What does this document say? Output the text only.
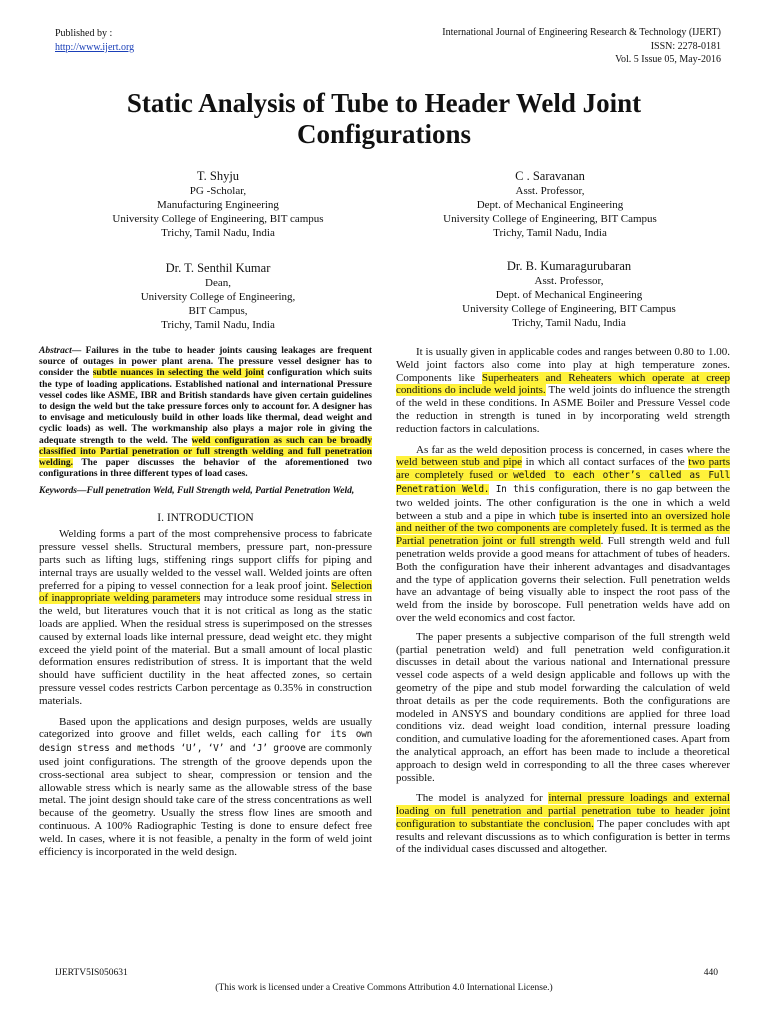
Published by :
http://www.ijert.org
International Journal of Engineering Research & Technology (IJERT)
ISSN: 2278-0181
Vol. 5 Issue 05, May-2016
Static Analysis of Tube to Header Weld Joint Configurations
T. Shyju
PG -Scholar,
Manufacturing Engineering
University College of Engineering, BIT campus
Trichy, Tamil Nadu, India
C . Saravanan
Asst. Professor,
Dept. of Mechanical Engineering
University College of Engineering, BIT Campus
Trichy, Tamil Nadu, India
Dr. T. Senthil Kumar
Dean,
University College of Engineering,
BIT Campus,
Trichy, Tamil Nadu, India
Dr. B. Kumaragurubaran
Asst. Professor,
Dept. of Mechanical Engineering
University College of Engineering, BIT Campus
Trichy, Tamil Nadu, India

Abstract— Failures in the tube to header joints causing leakages are frequent source of outages in power plant arena. The pressure vessel designer has to consider the subtle nuances in selecting the weld joint configuration which suits the type of loading applications. Established national and international Pressure vessel codes like ASME, IBR and British standards have given certain guidelines to design the weld but the take pressure forces only to account for. A designer has to envisage and meticulously build in other loads like thermal, dead weight and cyclic loads) as well. The workmanship also plays a major role in giving the adequate strength to the weld. The weld configuration as such can be broadly classified into Partial penetration or full strength welding and full penetration welding. The paper discusses the behavior of the aforementioned two configurations in three different types of load cases.

Keywords—Full penetration Weld, Full Strength weld, Partial Penetration Weld,

I. INTRODUCTION

Welding forms a part of the most comprehensive process to fabricate pressure vessel shells. Structural members, pressure part, non-pressure parts such as lifting lugs, stiffening rings support cliffs for piping and internal trays are usually welded to the vessel wall. Welded joints are often preferred for a piping to vessel connection for a leak proof joint. Selection of inappropriate welding parameters may introduce some residual stress in the weld, but literatures vouch that it is not critical as long as the static loads are applied. When the residual stress is superimposed on the stresses caused by external loads like internal pressure, dead weight etc. they might exceed the yield point of the material. But a small amount of local plastic deformation ensures redistribution of stress. It is important that the weld should have sufficient ductility in the heat affected zones, so certain pressure vessel codes restricts Carbon percentage as 0.35% in construction materials.

Based upon the applications and design purposes, welds are usually categorized into groove and fillet welds, each calling for its own design stress and methods ‘U’, ‘V’ and ‘J’ groove are commonly used joint configurations. The strength of the groove depends upon the cross-sectional area subject to shear, compression or tension and the allowable stress which is nearly same as the allowable stress of the base metal. The joint design should take care of the stress concentrations as well because of the geometry. Usually the stress flow lines are smooth and continuous. A 100% Radiographic Testing is done to ensure defect free weld. In cases, where it is not feasible, a penalty in the form of weld joint efficiency is incorporated in the weld design.

It is usually given in applicable codes and ranges between 0.80 to 1.00. Weld joint factors also come into play at high temperature zones. Components like Superheaters and Reheaters which operate at creep conditions do include weld joints. The weld joints do influence the strength of the weld in these conditions. In ASME Boiler and Pressure Vessel code the reduction in strength is tuned in by incorporating weld strength reduction factors in calculations.

As far as the weld deposition process is concerned, in cases where the weld between stub and pipe in which all contact surfaces of the two parts are completely fused or welded to each other’s called as Full Penetration Weld. In this configuration, there is no gap between the two welded joints. The other configuration is the one in which a weld between a stub and a pipe in which tube is inserted into an oversized hole and neither of the two components are completely fused. It is termed as the Partial penetration joint or full strength weld. Full strength weld and full penetration welds provide a good means for attachment of tubes of headers. Both the configuration have their inherent advantages and disadvantages and the type of application governs their selection. Full penetration welds have an advantage of being visually able to inspect the root pass of the weld from the inside by boroscope. Full penetration welds have add on over the weld economics and cost factor.

The paper presents a subjective comparison of the full strength weld (partial penetration weld) and full penetration weld configuration.it discusses in detail about the various national and International pressure vessel code aspects of a weld design applicable and follows up with the geometry of the pipe and stub model forwarding the calculation of weld throat details as per the code requirements. Both the configurations are modeled in ANSYS and boundary conditions are applied for three load conditions viz. dead weight load condition, internal pressure loading condition, and cumulative loading for the aforementioned cases. Apart from the analytical approach, an effort has been made to include a theoretical approach to design weld in corresponding to all the three cases wherever possible.

The model is analyzed for internal pressure loadings and external loading on full penetration and partial penetration tube to header joint configuration to substantiate the conclusion. The paper concludes with apt results and relevant discussions as to which configuration is better in terms of the individual cases discussed and altogether.

IJERTV5IS050631	440
(This work is licensed under a Creative Commons Attribution 4.0 International License.)
